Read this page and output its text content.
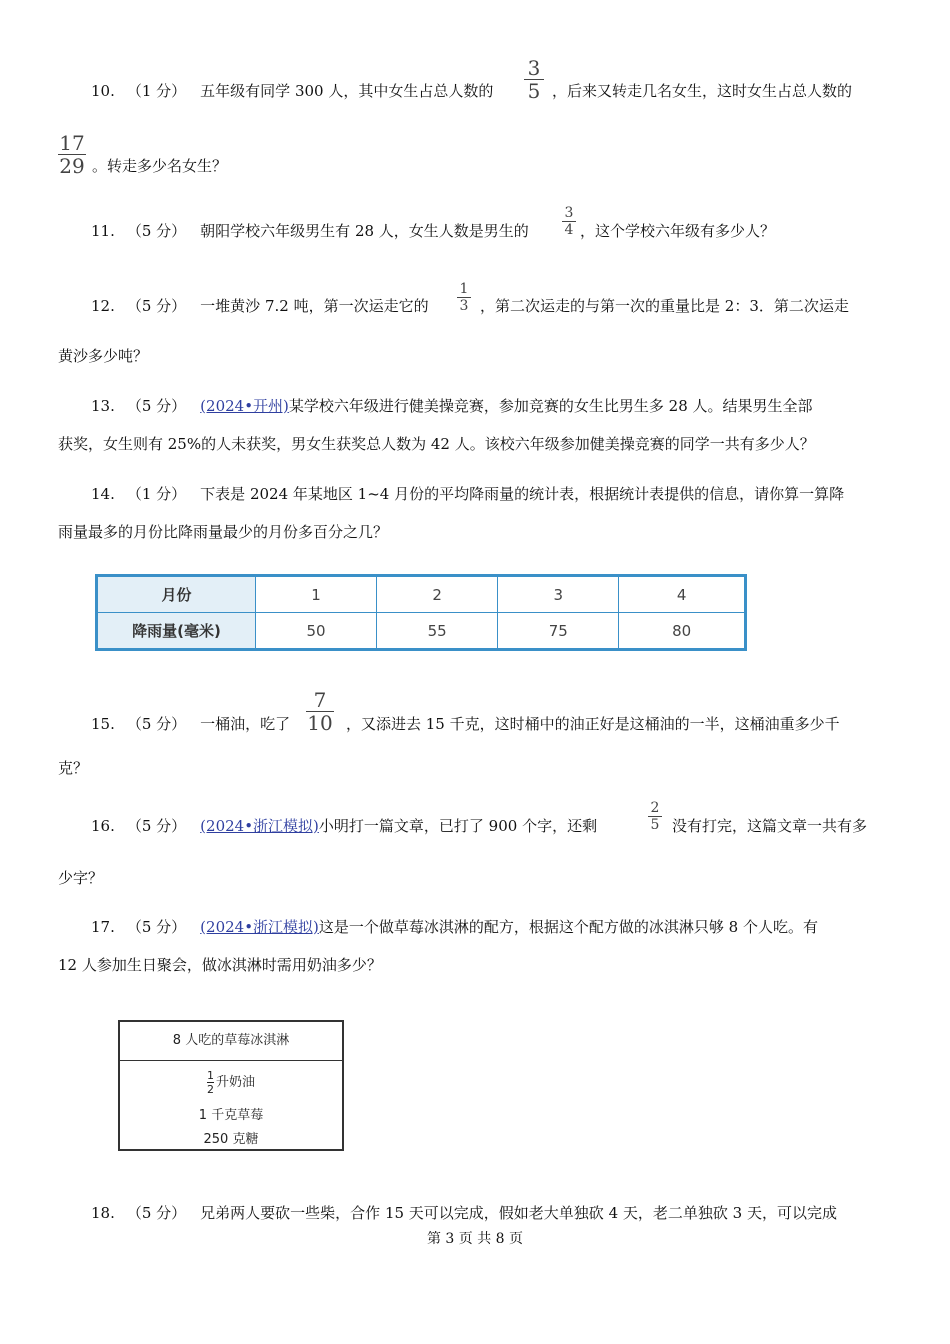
10. （1 分） 五年级有同学 300 人，其中女生占总人数的
3
5 ，后来又转走几名女生，这时女生占总人数的
17
29 。转走多少名女生？
11. （5 分） 朝阳学校六年级男生有 28 人，女生人数是男生的
3
4 ，这个学校六年级有多少人？
12. （5 分） 一堆黄沙 7.2 吨，第一次运走它的
1
3 ，第二次运走的与第一次的重量比是 2：3．第二次运走
黄沙多少吨？
13. （5 分） (2024•开州)某学校六年级进行健美操竞赛，参加竞赛的女生比男生多 28 人。结果男生全部
获奖，女生则有 25%的人未获奖，男女生获奖总人数为 42 人。该校六年级参加健美操竞赛的同学一共有多少人？
14. （1 分） 下表是 2024 年某地区 1~4 月份的平均降雨量的统计表，根据统计表提供的信息，请你算一算降
雨量最多的月份比降雨量最少的月份多百分之几？
月份	1	2	3	4
降雨量(毫米)	50	55	75	80
15. （5 分） 一桶油，吃了
7
10 ，又添进去 15 千克，这时桶中的油正好是这桶油的一半，这桶油重多少千
克？
16. （5 分） (2024•浙江模拟)小明打一篇文章，已打了 900 个字，还剩
2
5 没有打完，这篇文章一共有多
少字？
17. （5 分） (2024•浙江模拟)这是一个做草莓冰淇淋的配方，根据这个配方做的冰淇淋只够 8 个人吃。有
12 人参加生日聚会，做冰淇淋时需用奶油多少？
8 人吃的草莓冰淇淋
$\frac{1}{2}$ 升奶油
1 千克草莓
250 克糖
18. （5 分） 兄弟两人要砍一些柴，合作 15 天可以完成，假如老大单独砍 4 天，老二单独砍 3 天，可以完成
第 3 页 共 8 页
